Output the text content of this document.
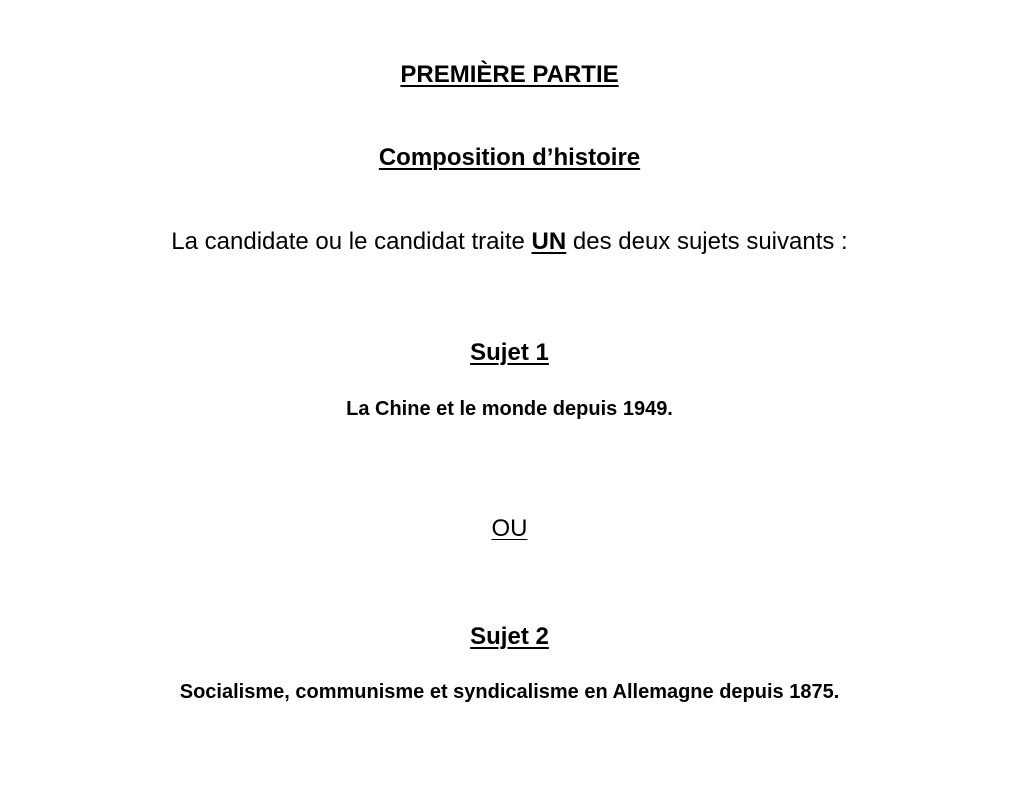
PREMIÈRE PARTIE
Composition d’histoire
La candidate ou le candidat traite UN des deux sujets suivants :
Sujet 1
La Chine et le monde depuis 1949.
OU
Sujet 2
Socialisme, communisme et syndicalisme en Allemagne depuis 1875.
